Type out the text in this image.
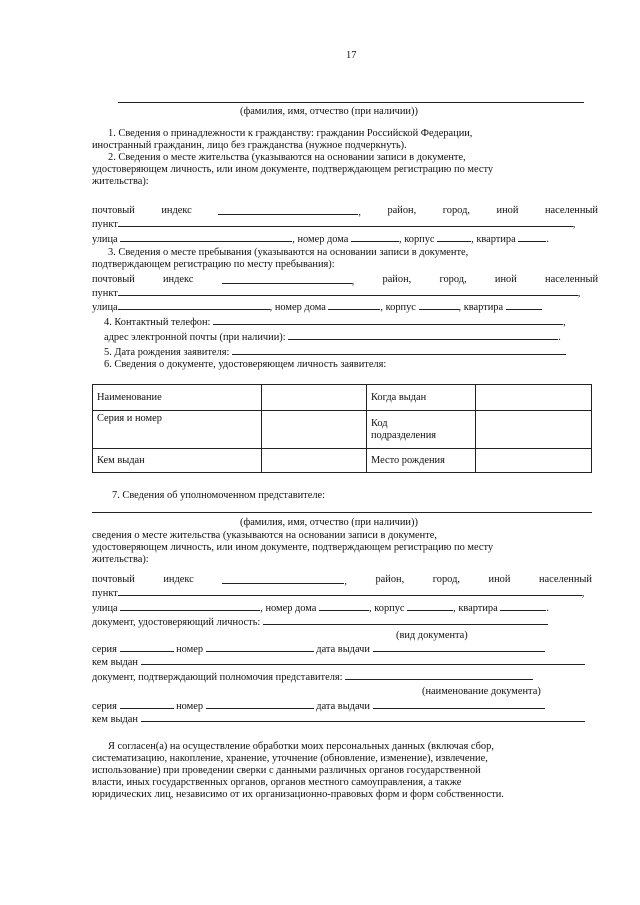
17
(фамилия, имя, отчество (при наличии))
1. Сведения о принадлежности к гражданству: гражданин Российской Федерации,
иностранный гражданин, лицо без гражданства (нужное подчеркнуть).
2. Сведения о месте жительства (указываются на основании записи в документе,
удостоверяющем личность, или ином документе, подтверждающем регистрацию по месту
жительства):
почтовый	индекс	,	район,	город,	иной	населенный
пункт	,
улица	, номер дома	, корпус	, квартира	.
3. Сведения о месте пребывания (указываются на основании записи в документе,
подтверждающем регистрацию по месту пребывания):
почтовый	индекс	,	район,	город,	иной	населенный
пункт	,
улица	, номер дома	, корпус	, квартира
4. Контактный телефон:	,
адрес электронной почты (при наличии):	.
5. Дата рождения заявителя:
6. Сведения о документе, удостоверяющем личность заявителя:
Наименование		Когда выдан	
Серия и номер		Код
подразделения	
Кем выдан		Место рождения	
7. Сведения об уполномоченном представителе:
(фамилия, имя, отчество (при наличии))
сведения о месте жительства (указываются на основании записи в документе,
удостоверяющем личность, или ином документе, подтверждающем регистрацию по месту
жительства):
почтовый	индекс	,	район,	город,	иной	населенный
пункт	,
улица	, номер дома	, корпус	, квартира	.
документ, удостоверяющий личность:
(вид документа)
серия	номер	дата выдачи
кем выдан
документ, подтверждающий полномочия представителя:
(наименование документа)
серия	номер	дата выдачи
кем выдан
Я согласен(а) на осуществление обработки моих персональных данных (включая сбор,
систематизацию, накопление, хранение, уточнение (обновление, изменение), извлечение,
использование) при проведении сверки с данными различных органов государственной
власти, иных государственных органов, органов местного самоуправления, а также
юридических лиц, независимо от их организационно-правовых форм и форм собственности.
